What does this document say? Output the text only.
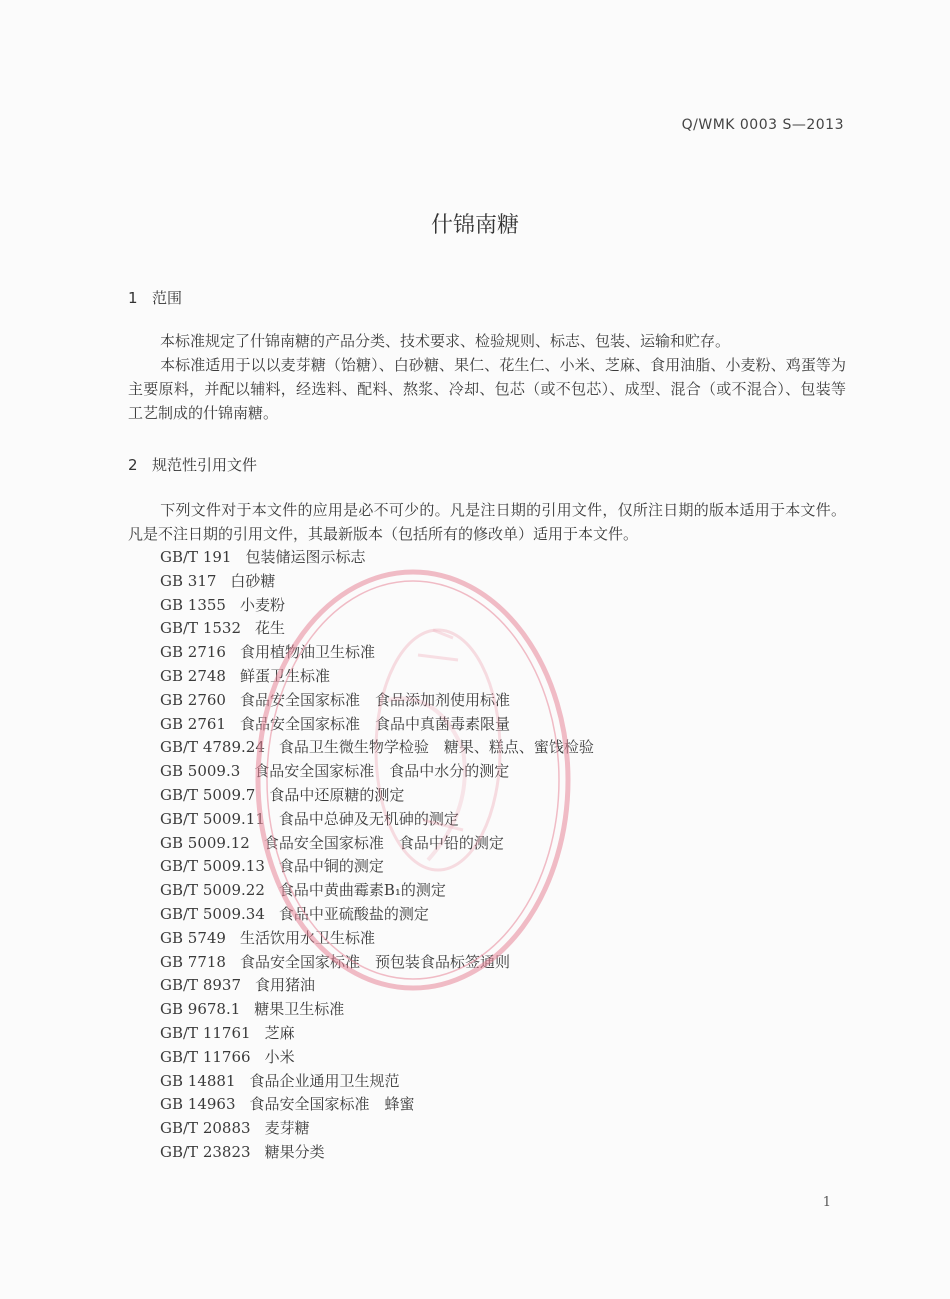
Q/WMK 0003 S—2013
什锦南糖
1 范围

本标准规定了什锦南糖的产品分类、技术要求、检验规则、标志、包装、运输和贮存。

本标准适用于以以麦芽糖（饴糖）、白砂糖、果仁、花生仁、小米、芝麻、食用油脂、小麦粉、鸡蛋等为主要原料，并配以辅料，经选料、配料、熬浆、冷却、包芯（或不包芯）、成型、混合（或不混合）、包装等工艺制成的什锦南糖。

2 规范性引用文件

下列文件对于本文件的应用是必不可少的。凡是注日期的引用文件，仅所注日期的版本适用于本文件。凡是不注日期的引用文件，其最新版本（包括所有的修改单）适用于本文件。

GB/T 191 包装储运图示标志
GB 317 白砂糖
GB 1355 小麦粉
GB/T 1532 花生
GB 2716 食用植物油卫生标准
GB 2748 鲜蛋卫生标准
GB 2760 食品安全国家标准　食品添加剂使用标准
GB 2761 食品安全国家标准　食品中真菌毒素限量
GB/T 4789.24 食品卫生微生物学检验　糖果、糕点、蜜饯检验
GB 5009.3 食品安全国家标准　食品中水分的测定
GB/T 5009.7 食品中还原糖的测定
GB/T 5009.11 食品中总砷及无机砷的测定
GB 5009.12 食品安全国家标准　食品中铅的测定
GB/T 5009.13 食品中铜的测定
GB/T 5009.22 食品中黄曲霉素B₁的测定
GB/T 5009.34 食品中亚硫酸盐的测定
GB 5749 生活饮用水卫生标准
GB 7718 食品安全国家标准　预包装食品标签通则
GB/T 8937 食用猪油
GB 9678.1 糖果卫生标准
GB/T 11761 芝麻
GB/T 11766 小米
GB 14881 食品企业通用卫生规范
GB 14963 食品安全国家标准　蜂蜜
GB/T 20883 麦芽糖
GB/T 23823 糖果分类
1
